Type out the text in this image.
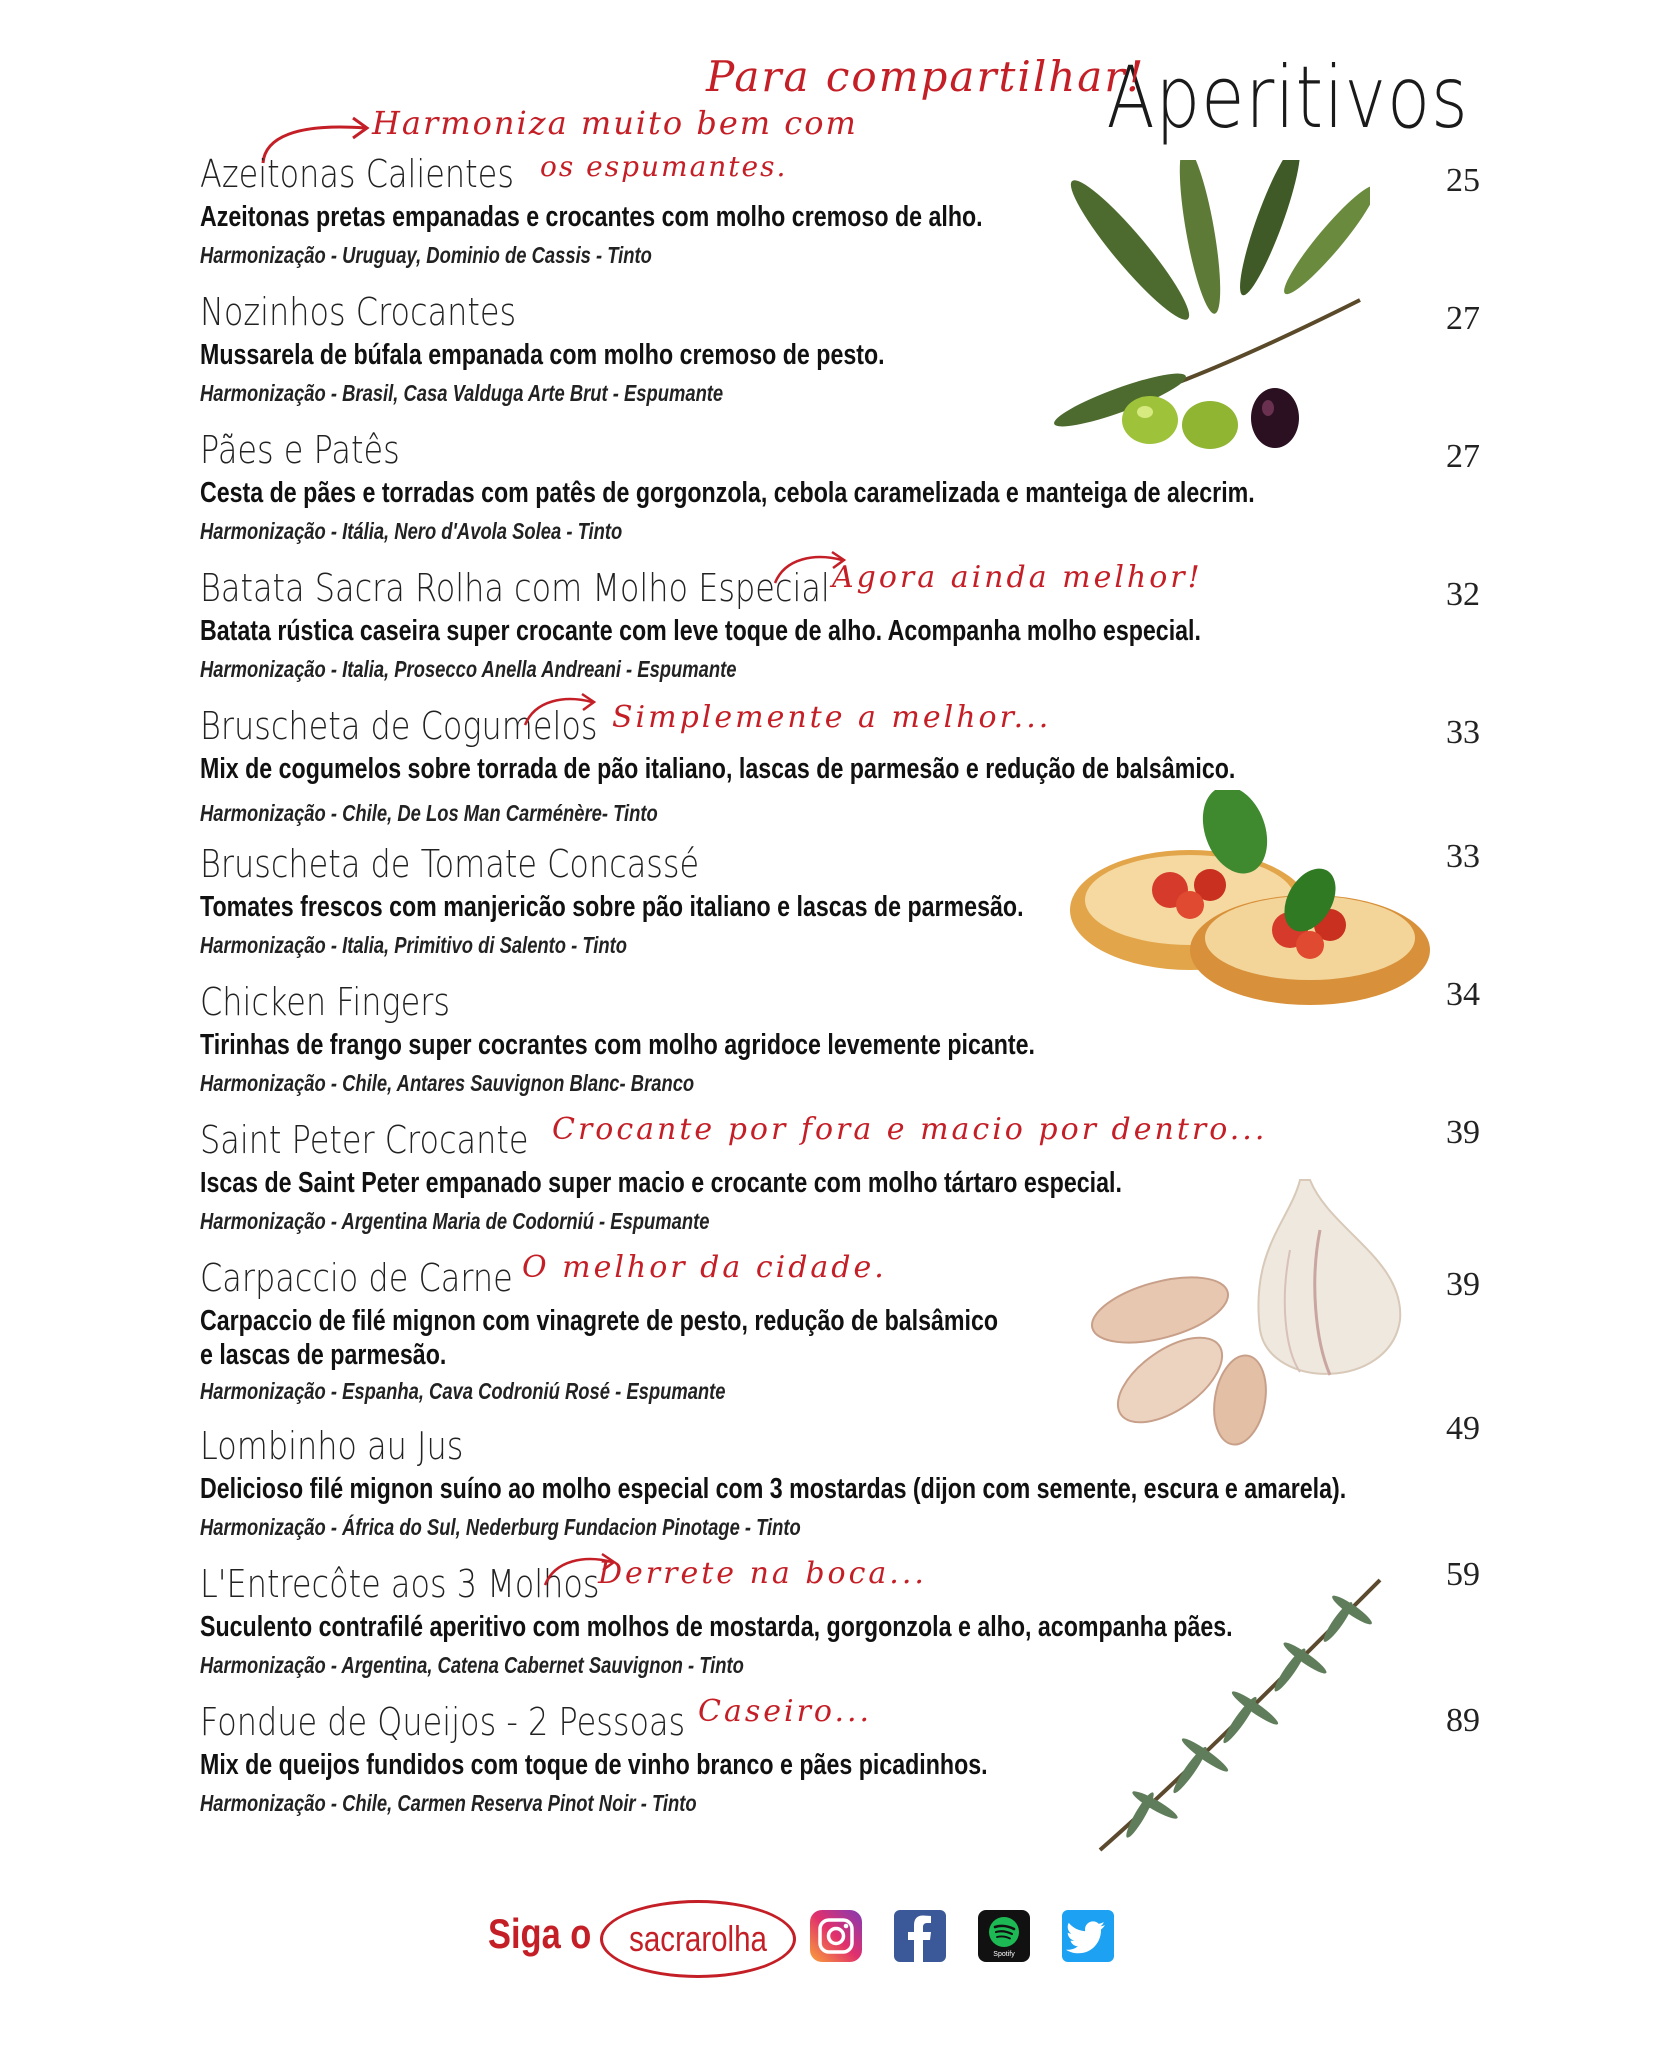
Aperitivos
Para compartilhar!
Harmoniza muito bem com
os espumantes.
Azeitonas Calientes
Azeitonas pretas empanadas e crocantes com molho cremoso de alho.
Harmonização - Uruguay, Dominio de Cassis - Tinto
25
Nozinhos Crocantes
Mussarela de búfala empanada com molho cremoso de pesto.
Harmonização - Brasil, Casa Valduga Arte Brut - Espumante
27
Pães e Patês
Cesta de pães e torradas com patês de gorgonzola, cebola caramelizada e manteiga de alecrim.
Harmonização - Itália, Nero d'Avola Solea - Tinto
27
Batata Sacra Rolha com Molho Especial Agora ainda melhor!
Batata rústica caseira super crocante com leve toque de alho. Acompanha molho especial.
Harmonização - Italia, Prosecco Anella Andreani - Espumante
32
Bruscheta de Cogumelos Simplemente a melhor...
Mix de cogumelos sobre torrada de pão italiano, lascas de parmesão e redução de balsâmico.
Harmonização - Chile, De Los Man Carménère- Tinto
33
Bruscheta de Tomate Concassé
Tomates frescos com manjericão sobre pão italiano e lascas de parmesão.
Harmonização - Italia, Primitivo di Salento - Tinto
33
Chicken Fingers
Tirinhas de frango super cocrantes com molho agridoce levemente picante.
Harmonização - Chile, Antares Sauvignon Blanc- Branco
34
Saint Peter Crocante Crocante por fora e macio por dentro...
Iscas de Saint Peter empanado super macio e crocante com molho tártaro especial.
Harmonização - Argentina Maria de Codorniú - Espumante
39
Carpaccio de Carne O melhor da cidade.
Carpaccio de filé mignon com vinagrete de pesto, redução de balsâmico
e lascas de parmesão.
Harmonização - Espanha, Cava Codroniú Rosé - Espumante
39
Lombinho au Jus
Delicioso filé mignon suíno ao molho especial com 3 mostardas (dijon com semente, escura e amarela).
Harmonização - África do Sul, Nederburg Fundacion Pinotage - Tinto
49
L'Entrecôte aos 3 Molhos
Derrete na boca...
Suculento contrafilé aperitivo com molhos de mostarda, gorgonzola e alho, acompanha pães.
Harmonização - Argentina, Catena Cabernet Sauvignon - Tinto
59
Fondue de Queijos - 2 Pessoas Caseiro...
Mix de queijos fundidos com toque de vinho branco e pães picadinhos.
Harmonização - Chile, Carmen Reserva Pinot Noir - Tinto
89
Siga o sacrarolha	Spotify
